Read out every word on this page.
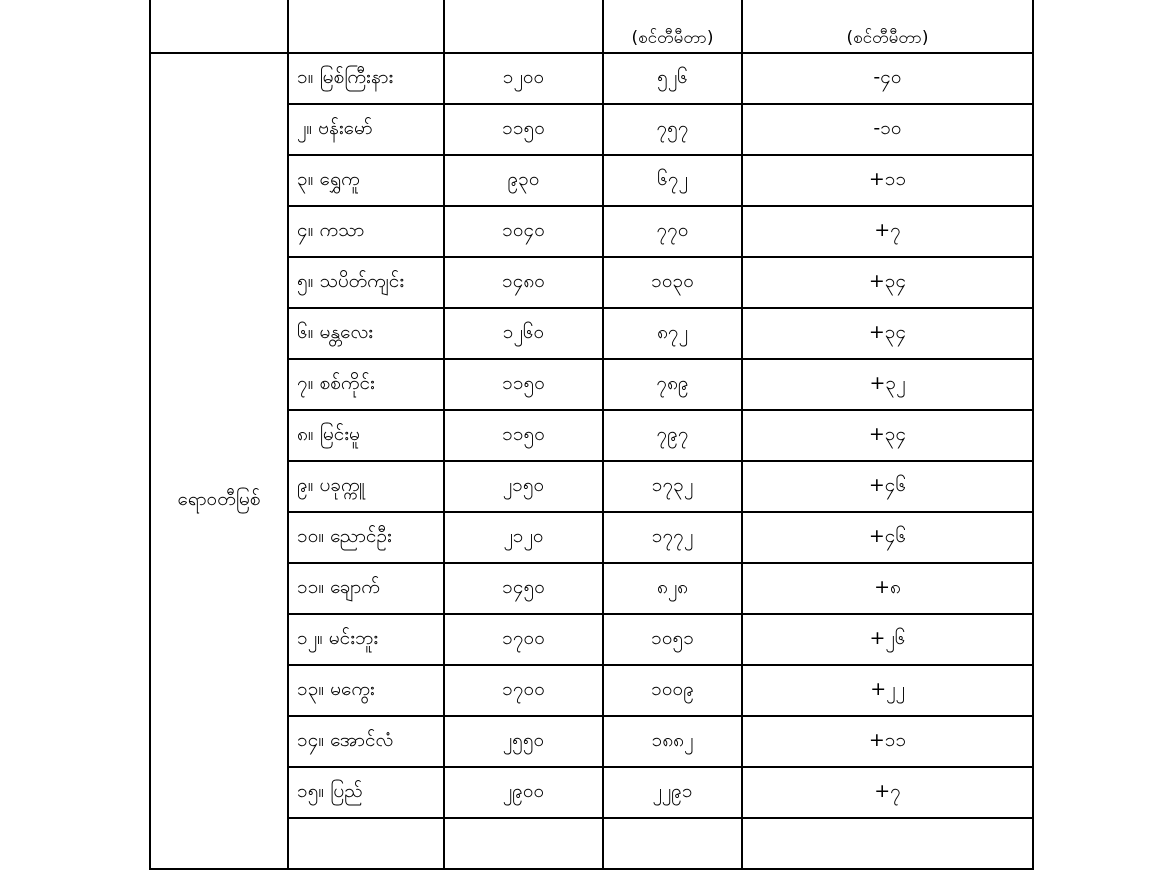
			(စင်တီမီတာ)	(စင်တီမီတာ)
ရောဝတီမြစ်	၁။ မြစ်ကြီးနား	၁၂၀၀	၅၂၆	-၄၀
	၂။ ဗန်းမော်	၁၁၅၀	၇၅၇	-၁၀
	၃။ ရွှေကူ	၉၃၀	၆၇၂	+၁၁
	၄။ ကသာ	၁၀၄၀	၇၇၀	+၇
	၅။ သပိတ်ကျင်း	၁၄၈၀	၁၀၃၀	+၃၄
	၆။ မန္တလေး	၁၂၆၀	၈၇၂	+၃၄
	၇။ စစ်ကိုင်း	၁၁၅၀	၇၈၉	+၃၂
	၈။ မြင်းမူ	၁၁၅၀	၇၉၇	+၃၄
	၉။ ပခုက္ကူ	၂၁၅၀	၁၇၃၂	+၄၆
	၁၀။ ညောင်ဦး	၂၁၂၀	၁၇၇၂	+၄၆
	၁၁။ ချောက်	၁၄၅၀	၈၂၈	+၈
	၁၂။ မင်းဘူး	၁၇၀၀	၁၀၅၁	+၂၆
	၁၃။ မကွေး	၁၇၀၀	၁၀၀၉	+၂၂
	၁၄။ အောင်လံ	၂၅၅၀	၁၈၈၂	+၁၁
	၁၅။ ပြည်	၂၉၀၀	၂၂၉၁	+၇
